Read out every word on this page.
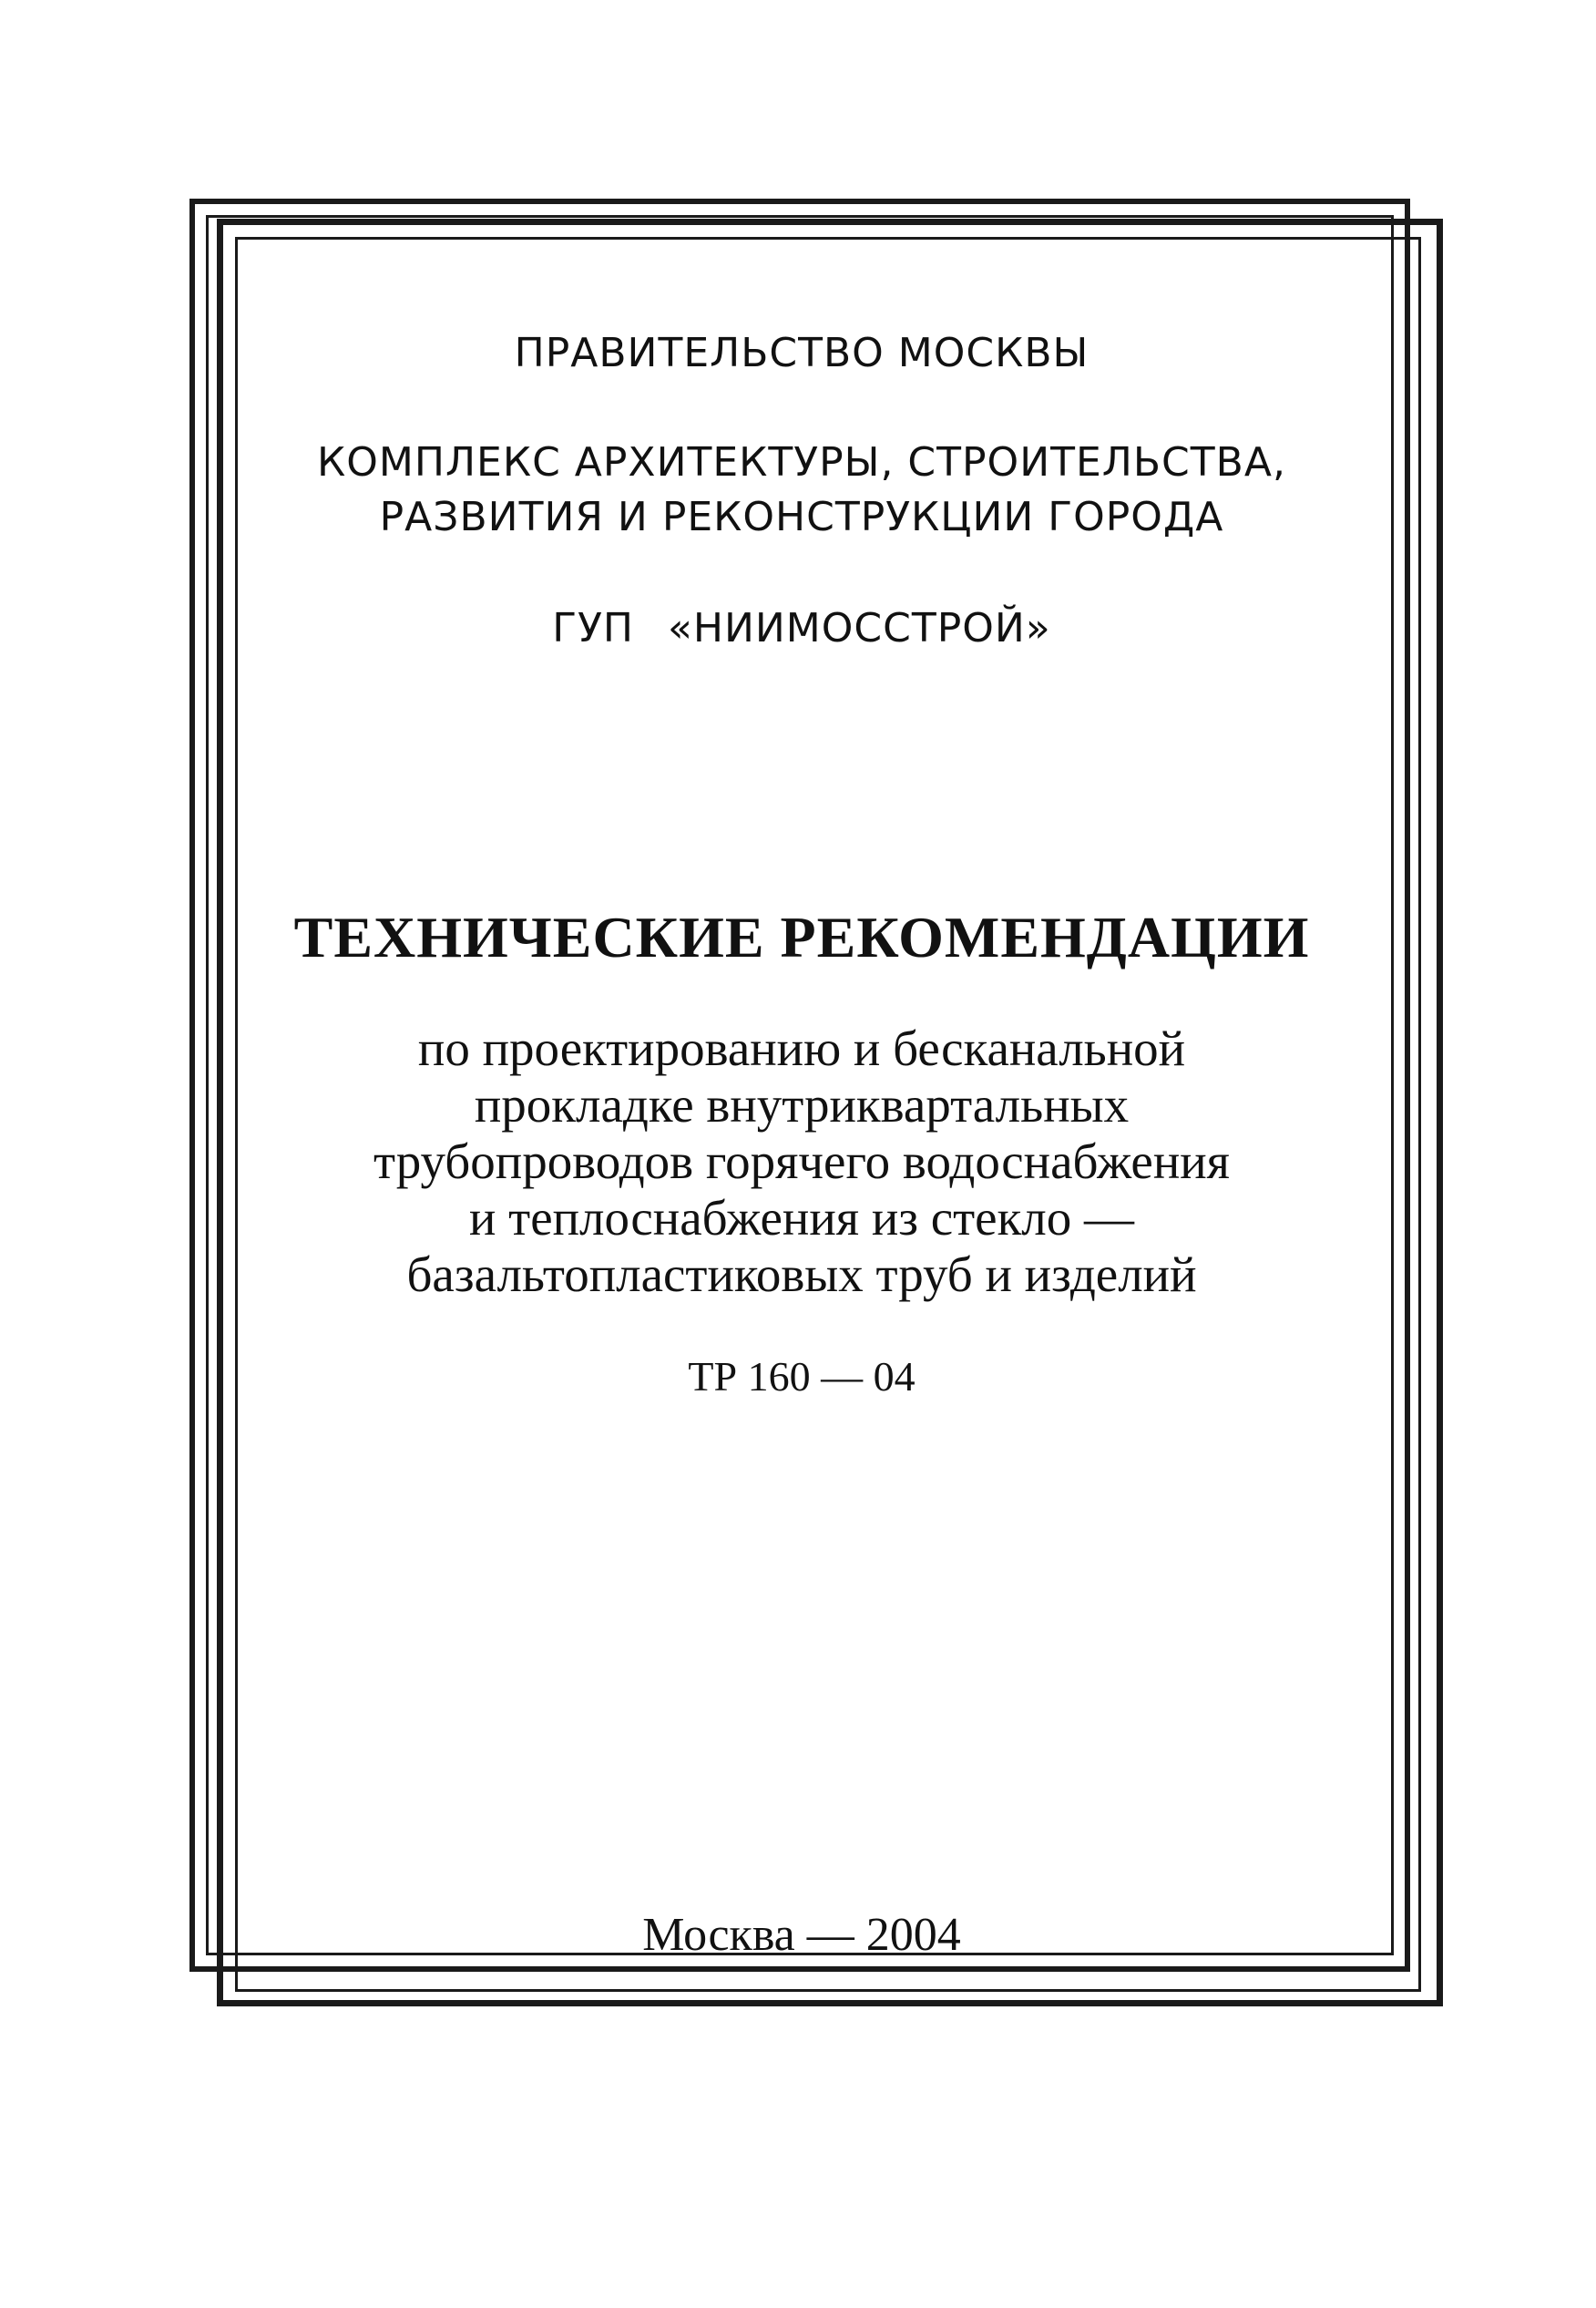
ПРАВИТЕЛЬСТВО МОСКВЫ
КОМПЛЕКС АРХИТЕКТУРЫ, СТРОИТЕЛЬСТВА,
РАЗВИТИЯ И РЕКОНСТРУКЦИИ ГОРОДА
ГУП «НИИМОССТРОЙ»
ТЕХНИЧЕСКИЕ РЕКОМЕНДАЦИИ
по проектированию и бесканальной
прокладке внутриквартальных
трубопроводов горячего водоснабжения
и теплоснабжения из стекло —
базальтопластиковых труб и изделий
ТР 160 — 04
Москва — 2004
